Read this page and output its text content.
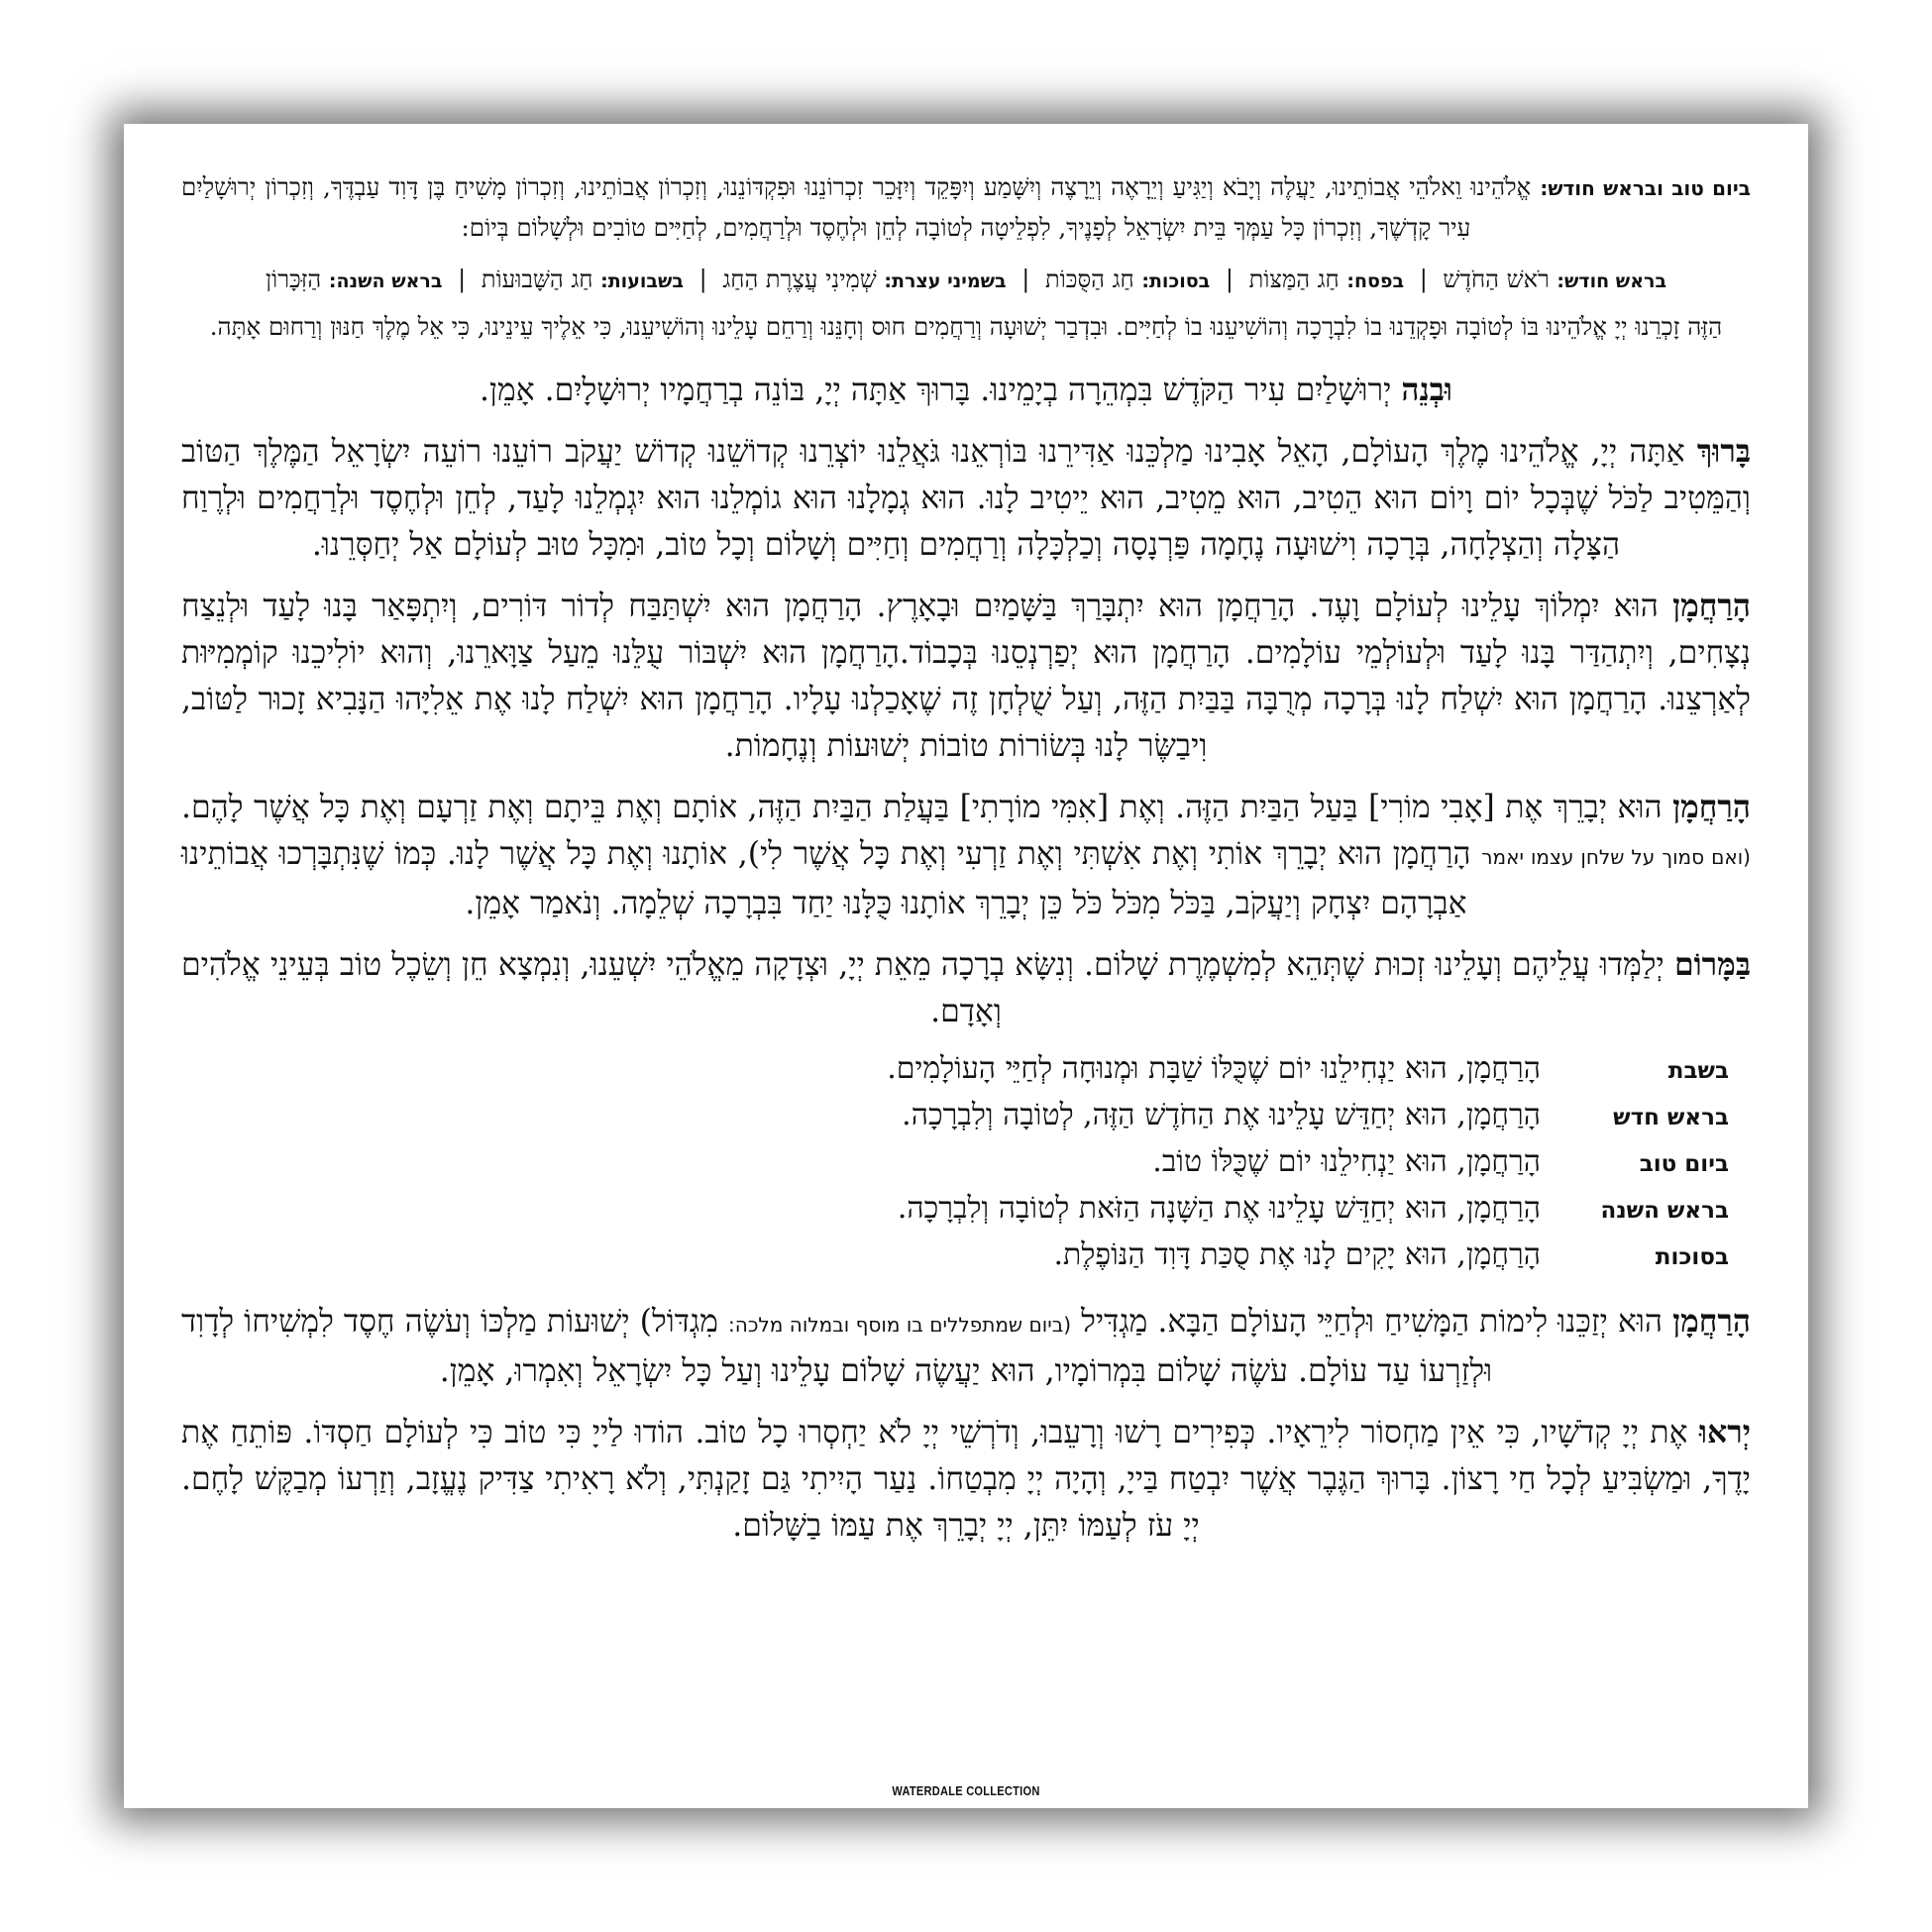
ביום טוב ובראש חודש: אֱלֹהֵינוּ וֵאלֹהֵי אֲבוֹתֵינוּ, יַעֲלֶה וְיָבֹא וְיַגִּיעַ וְיֵרָאֶה וְיֵרָצֶה וְיִשָּׁמַע וְיִפָּקֵד וְיִזָּכֵר זִכְרוֹנֵנוּ וּפִקְדּוֹנֵנוּ, וְזִכְרוֹן אֲבוֹתֵינוּ, וְזִכְרוֹן מָשִׁיחַ בֶּן דָּוִד עַבְדֶּךָ, וְזִכְרוֹן יְרוּשָׁלַיִם עִיר קָדְשֶׁךָ, וְזִכְרוֹן כָּל עַמְּךָ בֵּית יִשְׂרָאֵל לְפָנֶיךָ, לִפְלֵיטָה לְטוֹבָה לְחֵן וּלְחֶסֶד וּלְרַחֲמִים, לְחַיִּים טוֹבִים וּלְשָׁלוֹם בְּיוֹם:
בראש חודש: רֹאשׁ הַחֹדֶשׁ | בפסח: חַג הַמַּצּוֹת | בסוכות: חַג הַסֻּכּוֹת | בשמיני עצרת: שְׁמִינִי עֲצֶרֶת הַחַג | בשבועות: חַג הַשָּׁבוּעוֹת | בראש השנה: הַזִּכָּרוֹן
הַזֶּה זָכְרֵנוּ יְיָ אֱלֹהֵינוּ בּוֹ לְטוֹבָה וּפָקְדֵנוּ בוֹ לִבְרָכָה וְהוֹשִׁיעֵנוּ בוֹ לְחַיִּים. וּבִדְבַר יְשׁוּעָה וְרַחֲמִים חוּס וְחָנֵּנוּ וְרַחֵם עָלֵינוּ וְהוֹשִׁיעֵנוּ, כִּי אֵלֶיךָ עֵינֵינוּ, כִּי אֵל מֶלֶךְ חַנּוּן וְרַחוּם אָתָּה.
וּבְנֵה יְרוּשָׁלַיִם עִיר הַקֹּדֶשׁ בִּמְהֵרָה בְיָמֵינוּ. בָּרוּךְ אַתָּה יְיָ, בּוֹנֵה בְרַחֲמָיו יְרוּשָׁלָיִם. אָמֵן.
בָּרוּךְ אַתָּה יְיָ, אֱלֹהֵינוּ מֶלֶךְ הָעוֹלָם, הָאֵל אָבִינוּ מַלְכֵּנוּ אַדִּירֵנוּ בּוֹרְאֵנוּ גֹּאֲלֵנוּ יוֹצְרֵנוּ קְדוֹשֵׁנוּ קְדוֹשׁ יַעֲקֹב רוֹעֵנוּ רוֹעֵה יִשְׂרָאֵל הַמֶּלֶךְ הַטּוֹב וְהַמֵּטִיב לַכֹּל שֶׁבְּכָל יוֹם וָיוֹם הוּא הֵטִיב, הוּא מֵטִיב, הוּא יֵיטִיב לָנוּ. הוּא גְמָלָנוּ הוּא גוֹמְלֵנוּ הוּא יִגְמְלֵנוּ לָעַד, לְחֵן וּלְחֶסֶד וּלְרַחֲמִים וּלְרֶוַח הַצָּלָה וְהַצְלָחָה, בְּרָכָה וִישׁוּעָה נֶחָמָה פַּרְנָסָה וְכַלְכָּלָה וְרַחֲמִים וְחַיִּים וְשָׁלוֹם וְכָל טוֹב, וּמִכָּל טוּב לְעוֹלָם אַל יְחַסְּרֵנוּ.
הָרַחֲמָן הוּא יִמְלוֹךְ עָלֵינוּ לְעוֹלָם וָעֶד. הָרַחֲמָן הוּא יִתְבָּרַךְ בַּשָּׁמַיִם וּבָאָרֶץ. הָרַחֲמָן הוּא יִשְׁתַּבַּח לְדוֹר דּוֹרִים, וְיִתְפָּאַר בָּנוּ לָעַד וּלְנֵצַח נְצָחִים, וְיִתְהַדַּר בָּנוּ לָעַד וּלְעוֹלְמֵי עוֹלָמִים. הָרַחֲמָן הוּא יְפַרְנְסֵנוּ בְּכָבוֹד.הָרַחֲמָן הוּא יִשְׁבּוֹר עֻלֵּנוּ מֵעַל צַוָּארֵנוּ, וְהוּא יוֹלִיכֵנוּ קוֹמְמִיּוּת לְאַרְצֵנוּ. הָרַחֲמָן הוּא יִשְׁלַח לָנוּ בְּרָכָה מְרֻבָּה בַּבַּיִת הַזֶּה, וְעַל שֻׁלְחָן זֶה שֶׁאָכַלְנוּ עָלָיו. הָרַחֲמָן הוּא יִשְׁלַח לָנוּ אֶת אֵלִיָּהוּ הַנָּבִיא זָכוּר לַטּוֹב, וִיבַשֶּׂר לָנוּ בְּשׂוֹרוֹת טוֹבוֹת יְשׁוּעוֹת וְנֶחָמוֹת.
הָרַחֲמָן הוּא יְבָרֵךְ אֶת [אָבִי מוֹרִי] בַּעַל הַבַּיִת הַזֶּה. וְאֶת [אִמִּי מוֹרָתִי] בַּעֲלַת הַבַּיִת הַזֶּה, אוֹתָם וְאֶת בֵּיתָם וְאֶת זַרְעָם וְאֶת כָּל אֲשֶׁר לָהֶם. (ואם סמוך על שלחן עצמו יאמר הָרַחֲמָן הוּא יְבָרֵךְ אוֹתִי וְאֶת אִשְׁתִּי וְאֶת זַרְעִי וְאֶת כָּל אֲשֶׁר לִי), אוֹתָנוּ וְאֶת כָּל אֲשֶׁר לָנוּ. כְּמוֹ שֶׁנִּתְבָּרְכוּ אֲבוֹתֵינוּ אַבְרָהָם יִצְחָק וְיַעֲקֹב, בַּכֹּל מִכֹּל כֹּל כֵּן יְבָרֵךְ אוֹתָנוּ כֻּלָּנוּ יַחַד בִּבְרָכָה שְׁלֵמָה. וְנֹאמַר אָמֵן.
בַּמָּרוֹם יְלַמְּדוּ עֲלֵיהֶם וְעָלֵינוּ זְכוּת שֶׁתְּהֵא לְמִשְׁמֶרֶת שָׁלוֹם. וְנִשָּׂא בְרָכָה מֵאֵת יְיָ, וּצְדָקָה מֵאֱלֹהֵי יִשְׁעֵנוּ, וְנִמְצָא חֵן וְשֵׂכֶל טוֹב בְּעֵינֵי אֱלֹהִים וְאָדָם.
בשבת
הָרַחֲמָן, הוּא יַנְחִילֵנוּ יוֹם שֶׁכֻּלּוֹ שַׁבָּת וּמְנוּחָה לְחַיֵּי הָעוֹלָמִים.
בראש חדש
הָרַחֲמָן, הוּא יְחַדֵּשׁ עָלֵינוּ אֶת הַחֹדֶשׁ הַזֶּה, לְטוֹבָה וְלִבְרָכָה.
ביום טוב
הָרַחֲמָן, הוּא יַנְחִילֵנוּ יוֹם שֶׁכֻּלּוֹ טוֹב.
בראש השנה
הָרַחֲמָן, הוּא יְחַדֵּשׁ עָלֵינוּ אֶת הַשָּׁנָה הַזֹּאת לְטוֹבָה וְלִבְרָכָה.
בסוכות
הָרַחֲמָן, הוּא יָקִים לָנוּ אֶת סֻכַּת דָּוִד הַנּוֹפֶלֶת.
הָרַחֲמָן הוּא יְזַכֵּנוּ לִימוֹת הַמָּשִׁיחַ וּלְחַיֵּי הָעוֹלָם הַבָּא. מַגְדִּיל (ביום שמתפללים בו מוסף ובמלוה מלכה: מִגְדּוֹל) יְשׁוּעוֹת מַלְכּוֹ וְעֹשֶׂה חֶסֶד לִמְשִׁיחוֹ לְדָוִד וּלְזַרְעוֹ עַד עוֹלָם. עֹשֶׂה שָׁלוֹם בִּמְרוֹמָיו, הוּא יַעֲשֶׂה שָׁלוֹם עָלֵינוּ וְעַל כָּל יִשְׂרָאֵל וְאִמְרוּ, אָמֵן.
יְראוּ אֶת יְיָ קְדֹשָׁיו, כִּי אֵין מַחְסוֹר לִירֵאָיו. כְּפִירִים רָשׁוּ וְרָעֵבוּ, וְדֹרְשֵׁי יְיָ לֹא יַחְסְרוּ כָל טוֹב. הוֹדוּ לַייָ כִּי טוֹב כִּי לְעוֹלָם חַסְדּוֹ. פּוֹתֵחַ אֶת יָדֶךָ, וּמַשְׂבִּיעַ לְכָל חַי רָצוֹן. בָּרוּךְ הַגֶּבֶר אֲשֶׁר יִבְטַח בַּייָ, וְהָיָה יְיָ מִבְטַחוֹ. נַעַר הָיִיתִי גַּם זָקַנְתִּי, וְלֹא רָאִיתִי צַדִּיק נֶעֱזָב, וְזַרְעוֹ מְבַקֶּשׁ לָחֶם. יְיָ עֹז לְעַמּוֹ יִתֵּן, יְיָ יְבָרֵךְ אֶת עַמּוֹ בַשָּׁלוֹם.
WATERDALE COLLECTION
